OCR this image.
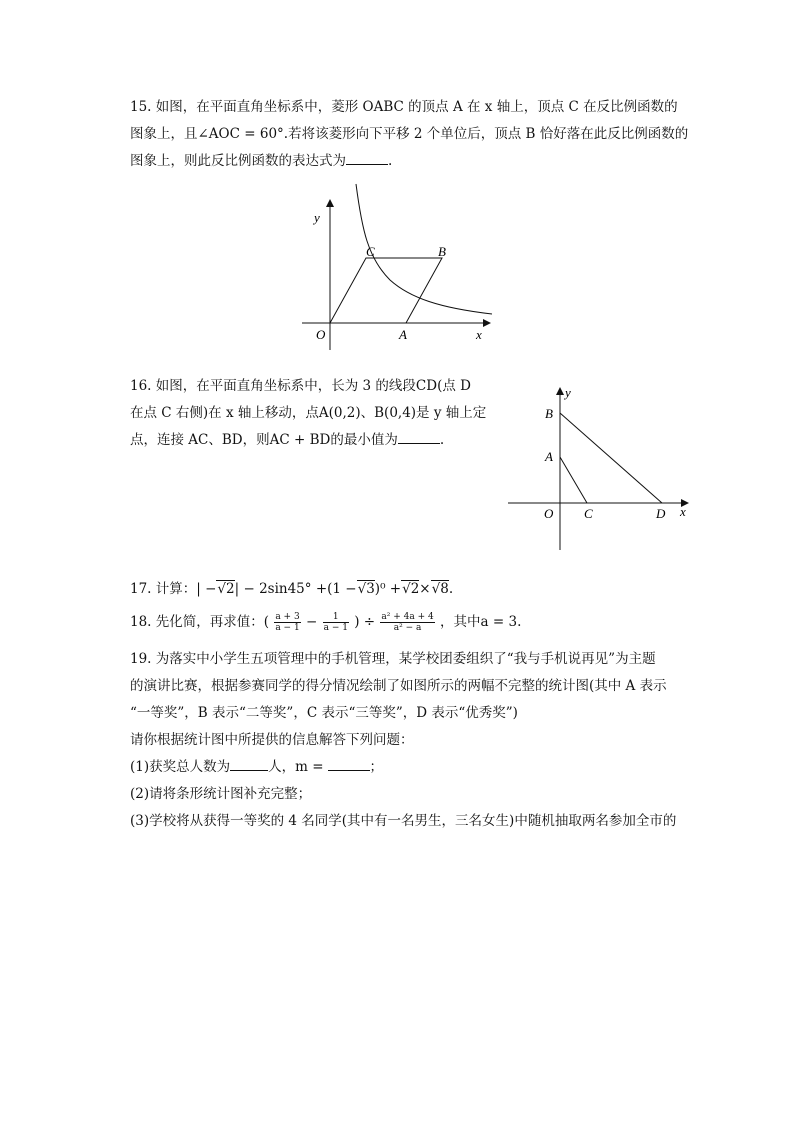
15. 如图，在平面直角坐标系中，菱形 OABC 的顶点 A 在 x 轴上，顶点 C 在反比例函数的
图象上，且∠AOC = 60°.若将该菱形向下平移 2 个单位后，顶点 B 恰好落在此反比例函数的
图象上，则此反比例函数的表达式为	.
y
x
O	A
B
C
16. 如图，在平面直角坐标系中，长为 3 的线段CD(点 D
在点 C 右侧)在 x 轴上移动，点A(0,2)、B(0,4)是 y 轴上定
点，连接 AC、BD，则AC + BD的最小值为	.
y
x
O
A
B
C	D
17. 计算：| −√2| − 2sin45° +(1 −√3)⁰ +√2×√8.
18. 先化简，再求值：( $\frac{a + 3}{a - 1} - \frac{1}{a - 1}$ ) ÷ $\frac{\text{a² + 4a + 4}}{\text{a² − a}}$ ，其中a = 3.
19. 为落实中小学生五项管理中的手机管理，某学校团委组织了“我与手机说再见”为主题
的演讲比赛，根据参赛同学的得分情况绘制了如图所示的两幅不完整的统计图(其中 A 表示
“一等奖”，B 表示“二等奖”，C 表示“三等奖”，D 表示“优秀奖”)
请你根据统计图中所提供的信息解答下列问题：
(1)获奖总人数为	人，m =	；
(2)请将条形统计图补充完整；
(3)学校将从获得一等奖的 4 名同学(其中有一名男生，三名女生)中随机抽取两名参加全市的
